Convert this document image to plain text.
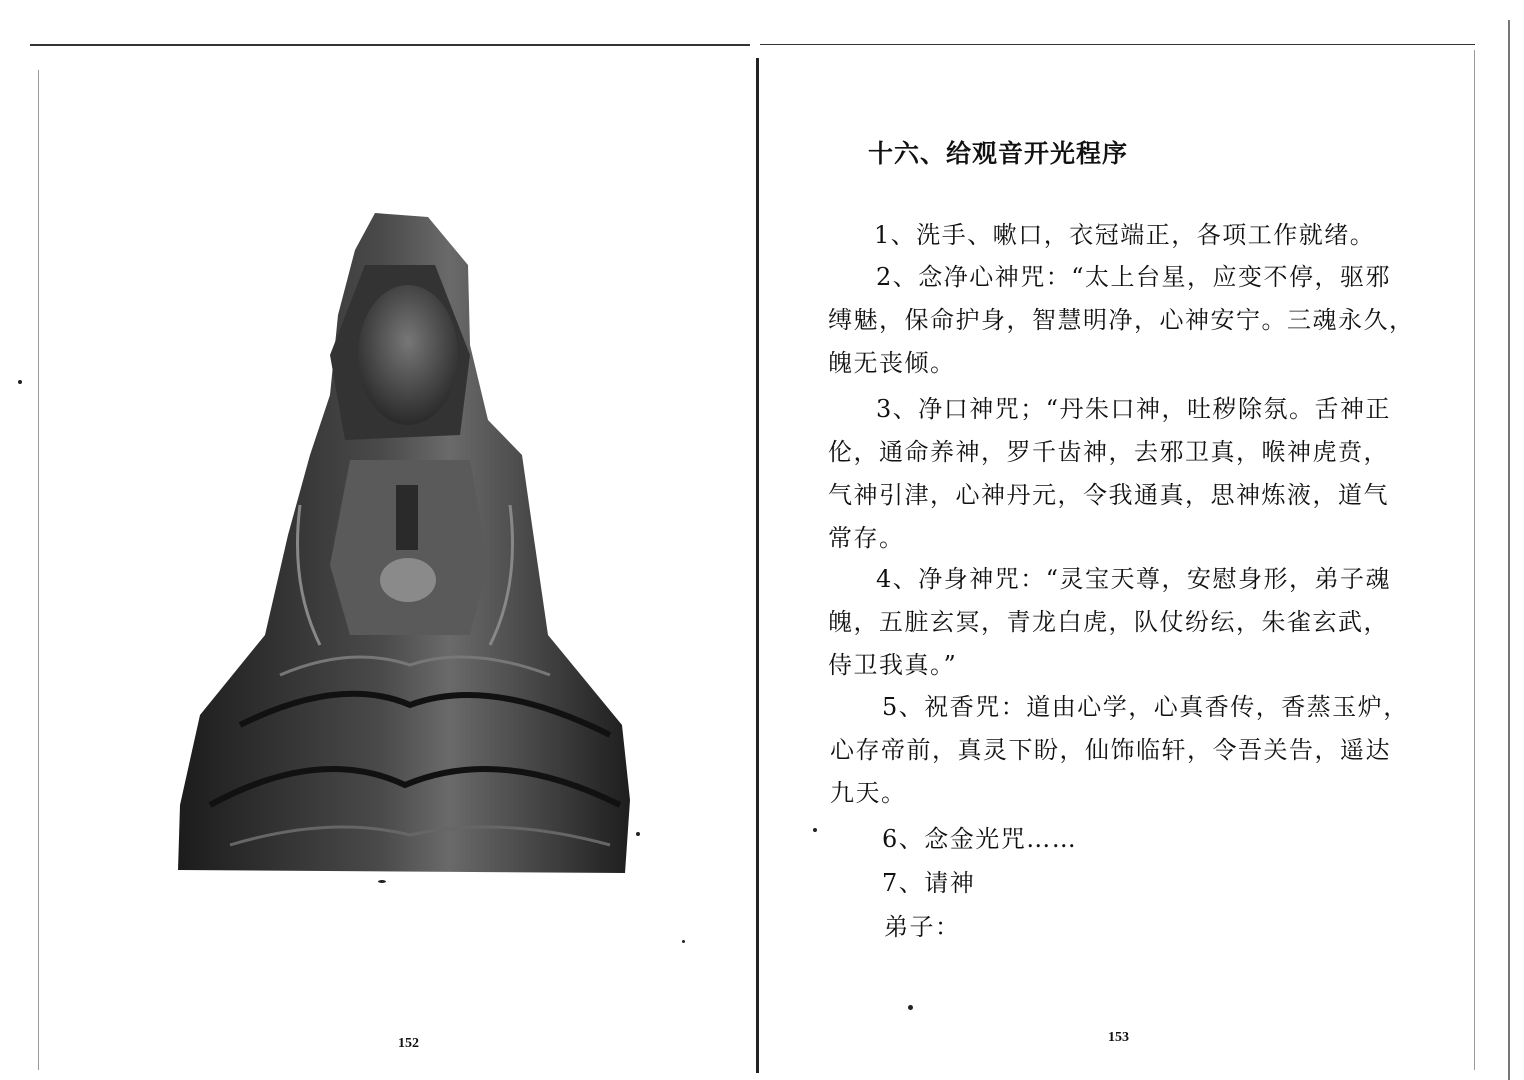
152
十六、给观音开光程序

1、洗手、嗽口，衣冠端正，各项工作就绪。

2、念净心神咒：“太上台星，应变不停，驱邪
缚魅，保命护身，智慧明净，心神安宁。三魂永久，
魄无丧倾。

3、净口神咒；“丹朱口神，吐秽除氛。舌神正
伦，通命养神，罗千齿神，去邪卫真，喉神虎贲，
气神引津，心神丹元，令我通真，思神炼液，道气
常存。

4、净身神咒：“灵宝天尊，安慰身形，弟子魂
魄，五脏玄冥，青龙白虎，队仗纷纭，朱雀玄武，
侍卫我真。”

5、祝香咒：道由心学，心真香传，香蒸玉炉，
心存帝前，真灵下盼，仙饰临轩，令吾关告，遥达
九天。

6、念金光咒……

7、请神

弟子：

153
